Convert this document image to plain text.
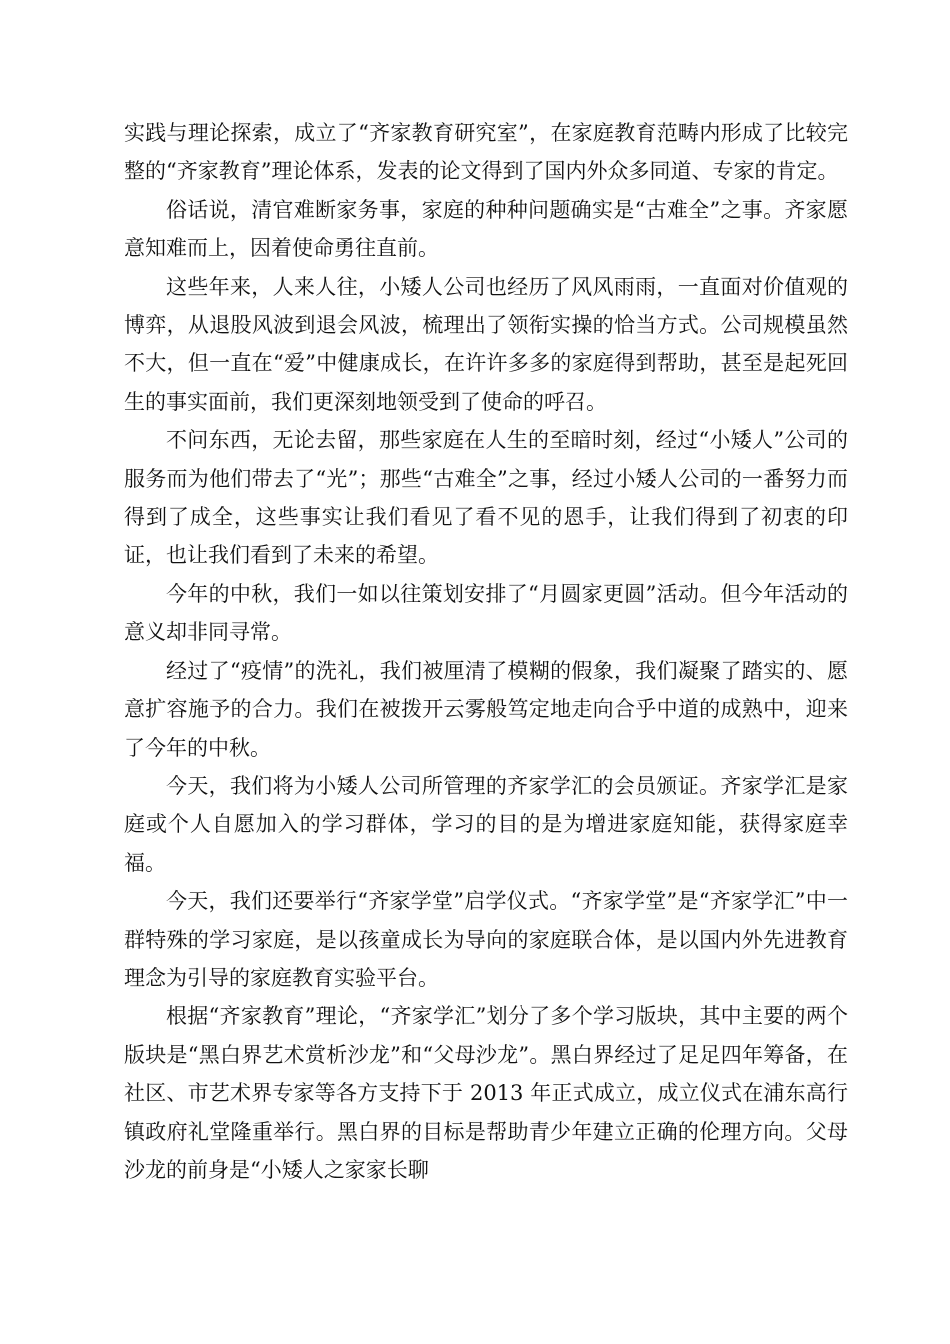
实践与理论探索，成立了“齐家教育研究室”，在家庭教育范畴内形成了比较完整的“齐家教育”理论体系，发表的论文得到了国内外众多同道、专家的肯定。

俗话说，清官难断家务事，家庭的种种问题确实是“古难全”之事。齐家愿意知难而上，因着使命勇往直前。

这些年来，人来人往，小矮人公司也经历了风风雨雨，一直面对价值观的博弈，从退股风波到退会风波，梳理出了领衔实操的恰当方式。公司规模虽然不大，但一直在“爱”中健康成长，在许许多多的家庭得到帮助，甚至是起死回生的事实面前，我们更深刻地领受到了使命的呼召。

不问东西，无论去留，那些家庭在人生的至暗时刻，经过“小矮人”公司的服务而为他们带去了“光”；那些“古难全”之事，经过小矮人公司的一番努力而得到了成全，这些事实让我们看见了看不见的恩手，让我们得到了初衷的印证，也让我们看到了未来的希望。

今年的中秋，我们一如以往策划安排了“月圆家更圆”活动。但今年活动的意义却非同寻常。

经过了“疫情”的洗礼，我们被厘清了模糊的假象，我们凝聚了踏实的、愿意扩容施予的合力。我们在被拨开云雾般笃定地走向合乎中道的成熟中，迎来了今年的中秋。

今天，我们将为小矮人公司所管理的齐家学汇的会员颁证。齐家学汇是家庭或个人自愿加入的学习群体，学习的目的是为增进家庭知能，获得家庭幸福。

今天，我们还要举行“齐家学堂”启学仪式。“齐家学堂”是“齐家学汇”中一群特殊的学习家庭，是以孩童成长为导向的家庭联合体，是以国内外先进教育理念为引导的家庭教育实验平台。

根据“齐家教育”理论，“齐家学汇”划分了多个学习版块，其中主要的两个版块是“黑白界艺术赏析沙龙”和“父母沙龙”。黑白界经过了足足四年筹备，在社区、市艺术界专家等各方支持下于 2013 年正式成立，成立仪式在浦东高行镇政府礼堂隆重举行。黑白界的目标是帮助青少年建立正确的伦理方向。父母沙龙的前身是“小矮人之家家长聊
